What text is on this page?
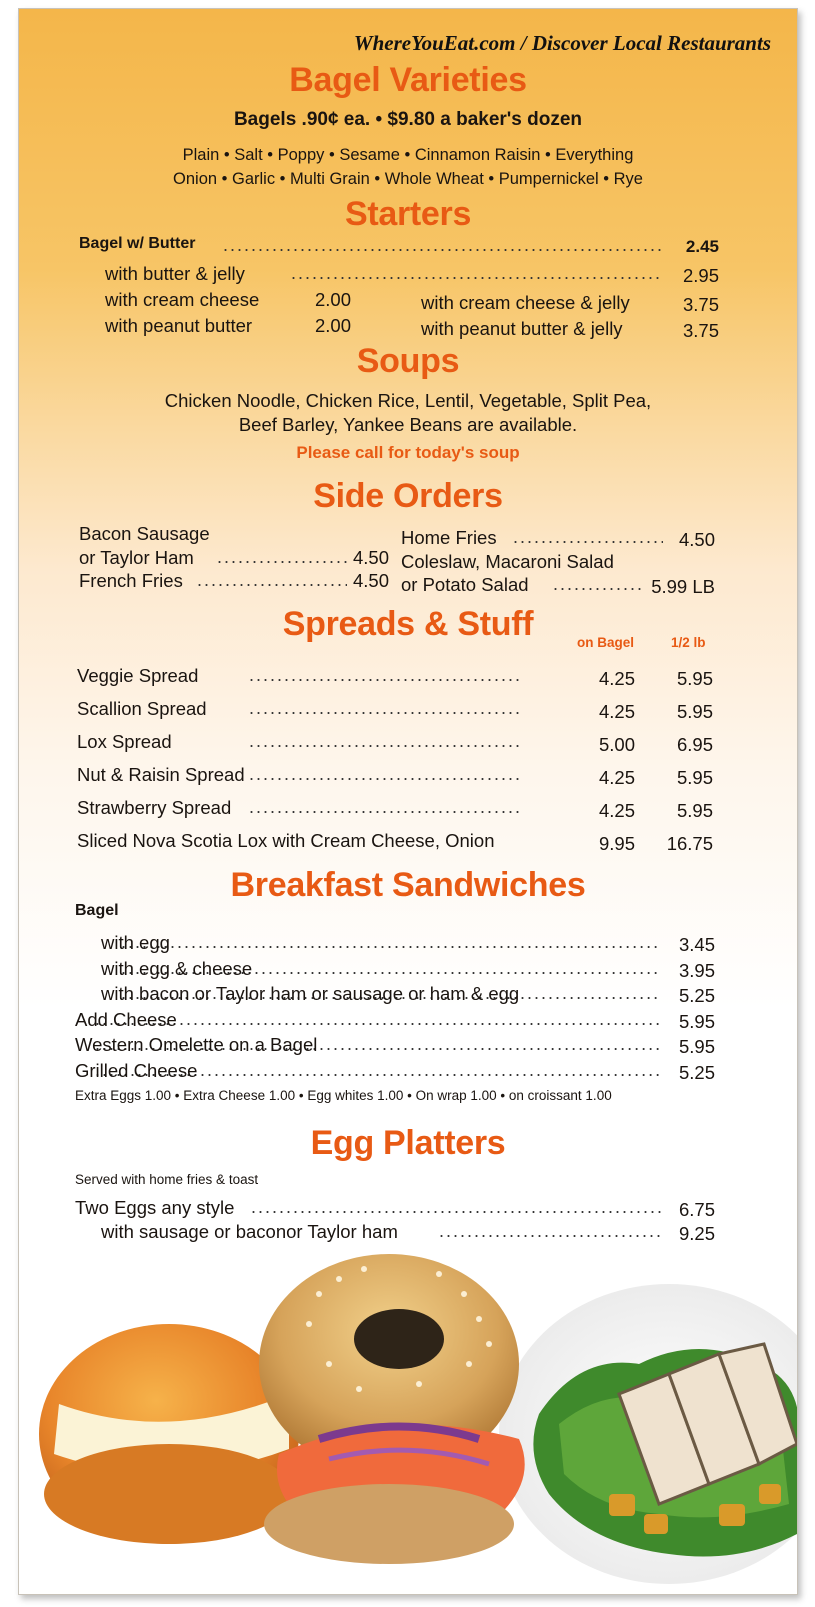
WhereYouEat.com / Discover Local Restaurants
Bagel Varieties
Bagels .90¢ ea. • $9.80 a baker's dozen
Plain • Salt • Poppy • Sesame • Cinnamon Raisin • Everything
Onion • Garlic • Multi Grain • Whole Wheat • Pumpernickel • Rye
Starters
Bagel w/ Butter .....	2.45
with butter & jelly .....	2.95
with cream cheese	2.00	with cream cheese & jelly	3.75
with peanut butter	2.00	with peanut butter & jelly	3.75
Soups
Chicken Noodle, Chicken Rice, Lentil, Vegetable, Split Pea,
Beef Barley, Yankee Beans are available.
Please call for today's soup
Side Orders
Bacon Sausage
or Taylor Ham .....	4.50
French Fries .....	4.50
Home Fries .....	4.50
Coleslaw, Macaroni Salad
or Potato Salad .....	5.99 LB
Spreads & Stuff	on Bagel	1/2 lb
Veggie Spread .....	4.25	5.95
Scallion Spread .....	4.25	5.95
Lox Spread .....	5.00	6.95
Nut & Raisin Spread .....	4.25	5.95
Strawberry Spread .....	4.25	5.95
Sliced Nova Scotia Lox with Cream Cheese, Onion	9.95	16.75
Breakfast Sandwiches
Bagel
with egg .....	3.45
with egg & cheese .....	3.95
with bacon or Taylor ham or sausage or ham & egg .....	5.25
Add Cheese .....	5.95
Western Omelette on a Bagel .....	5.95
Grilled Cheese .....	5.25
Extra Eggs 1.00 • Extra Cheese 1.00 • Egg whites 1.00 • On wrap 1.00 • on croissant 1.00
Egg Platters
Served with home fries & toast
Two Eggs any style .....	6.75
with sausage or baconor Taylor ham .....	9.25
